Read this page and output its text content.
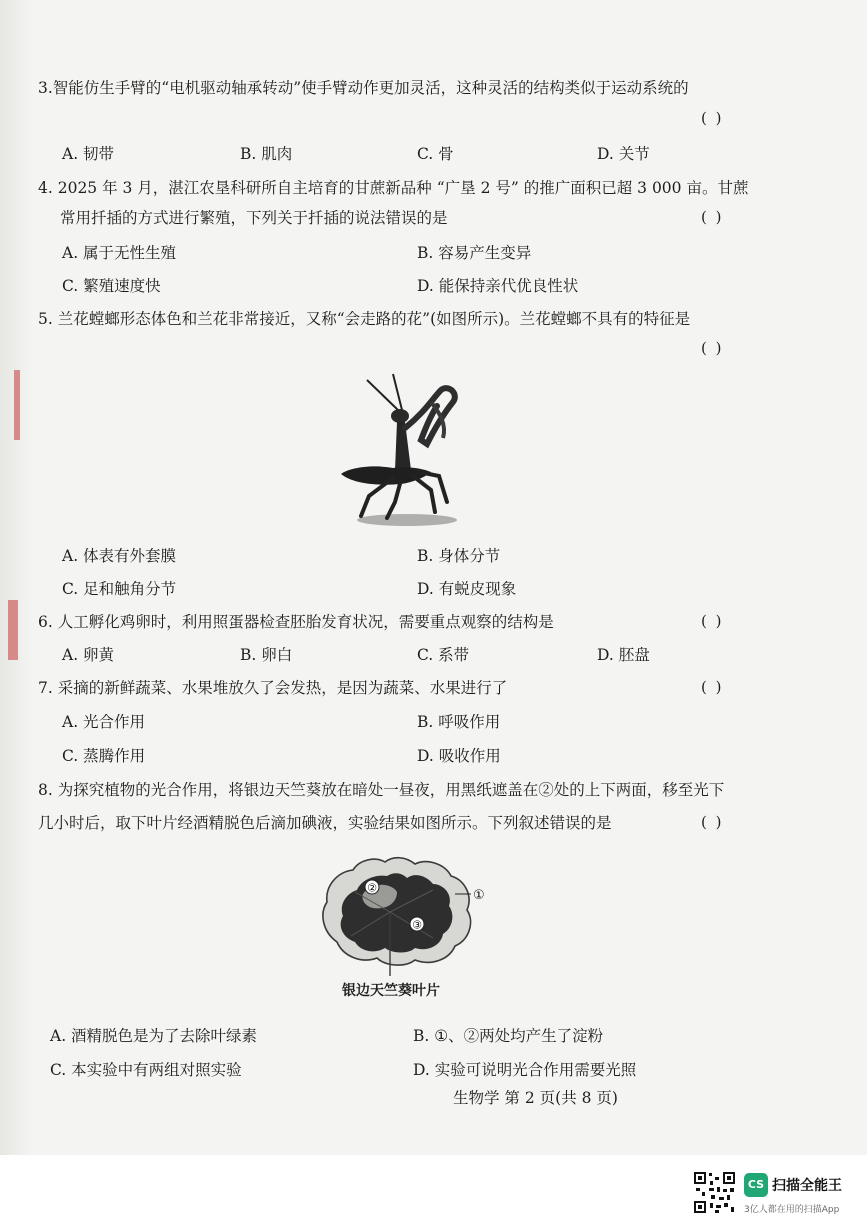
3.智能仿生手臂的“电机驱动轴承转动”使手臂动作更加灵活，这种灵活的结构类似于运动系统的
( )
A. 韧带	B. 肌肉	C. 骨	D. 关节
4. 2025 年 3 月，湛江农垦科研所自主培育的甘蔗新品种 “广垦 2 号” 的推广面积已超 3 000 亩。甘蔗
常用扦插的方式进行繁殖，下列关于扦插的说法错误的是	( )
A. 属于无性生殖	B. 容易产生变异
C. 繁殖速度快	D. 能保持亲代优良性状
5. 兰花螳螂形态体色和兰花非常接近，又称“会走路的花”(如图所示)。兰花螳螂不具有的特征是
( )
A. 体表有外套膜	B. 身体分节
C. 足和触角分节	D. 有蜕皮现象
6. 人工孵化鸡卵时，利用照蛋器检查胚胎发育状况，需要重点观察的结构是	( )
A. 卵黄	B. 卵白	C. 系带	D. 胚盘
7. 采摘的新鲜蔬菜、水果堆放久了会发热，是因为蔬菜、水果进行了	( )
A. 光合作用	B. 呼吸作用
C. 蒸腾作用	D. 吸收作用
8. 为探究植物的光合作用，将银边天竺葵放在暗处一昼夜，用黑纸遮盖在②处的上下两面，移至光下
几小时后，取下叶片经酒精脱色后滴加碘液，实验结果如图所示。下列叙述错误的是	( )
②
③
①
银边天竺葵叶片
A. 酒精脱色是为了去除叶绿素	B. ①、②两处均产生了淀粉
C. 本实验中有两组对照实验	D. 实验可说明光合作用需要光照
生物学 第 2 页(共 8 页)
CS 扫描全能王
3亿人都在用的扫描App
